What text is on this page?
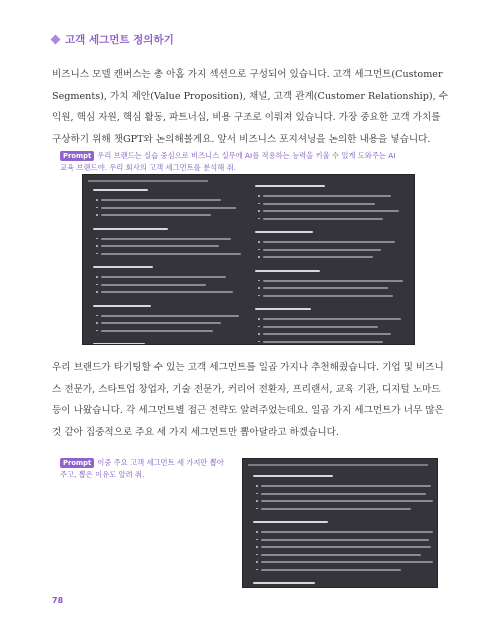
고객 세그먼트 정의하기

비즈니스 모델 캔버스는 총 아홉 가지 섹션으로 구성되어 있습니다. 고객 세그먼트(Customer Segments), 가치 제안(Value Proposition), 채널, 고객 관계(Customer Relationship), 수익원, 핵심 자원, 핵심 활동, 파트너십, 비용 구조로 이뤄져 있습니다. 가장 중요한 고객 가치를 구상하기 위해 챗GPT와 논의해볼게요. 앞서 비즈니스 포지셔닝을 논의한 내용을 넣습니다.

Prompt 우리 브랜드는 실습 중심으로 비즈니스 실무에 AI를 적용하는 능력을 키울 수 있게 도와주는 AI 교육 브랜드야. 우리 회사의 고객 세그먼트를 분석해 줘.

우리 브랜드가 타기팅할 수 있는 고객 세그먼트를 일곱 가지나 추천해줬습니다. 기업 및 비즈니스 전문가, 스타트업 창업자, 기술 전문가, 커리어 전환자, 프리랜서, 교육 기관, 디지털 노마드 등이 나왔습니다. 각 세그먼트별 접근 전략도 알려주었는데요. 일곱 가지 세그먼트가 너무 많은 것 같아 집중적으로 주요 세 가지 세그먼트만 뽑아달라고 하겠습니다.

Prompt 이중 주요 고객 세그먼트 세 가지만 뽑아주고, 뽑은 이유도 알려 줘.
78
